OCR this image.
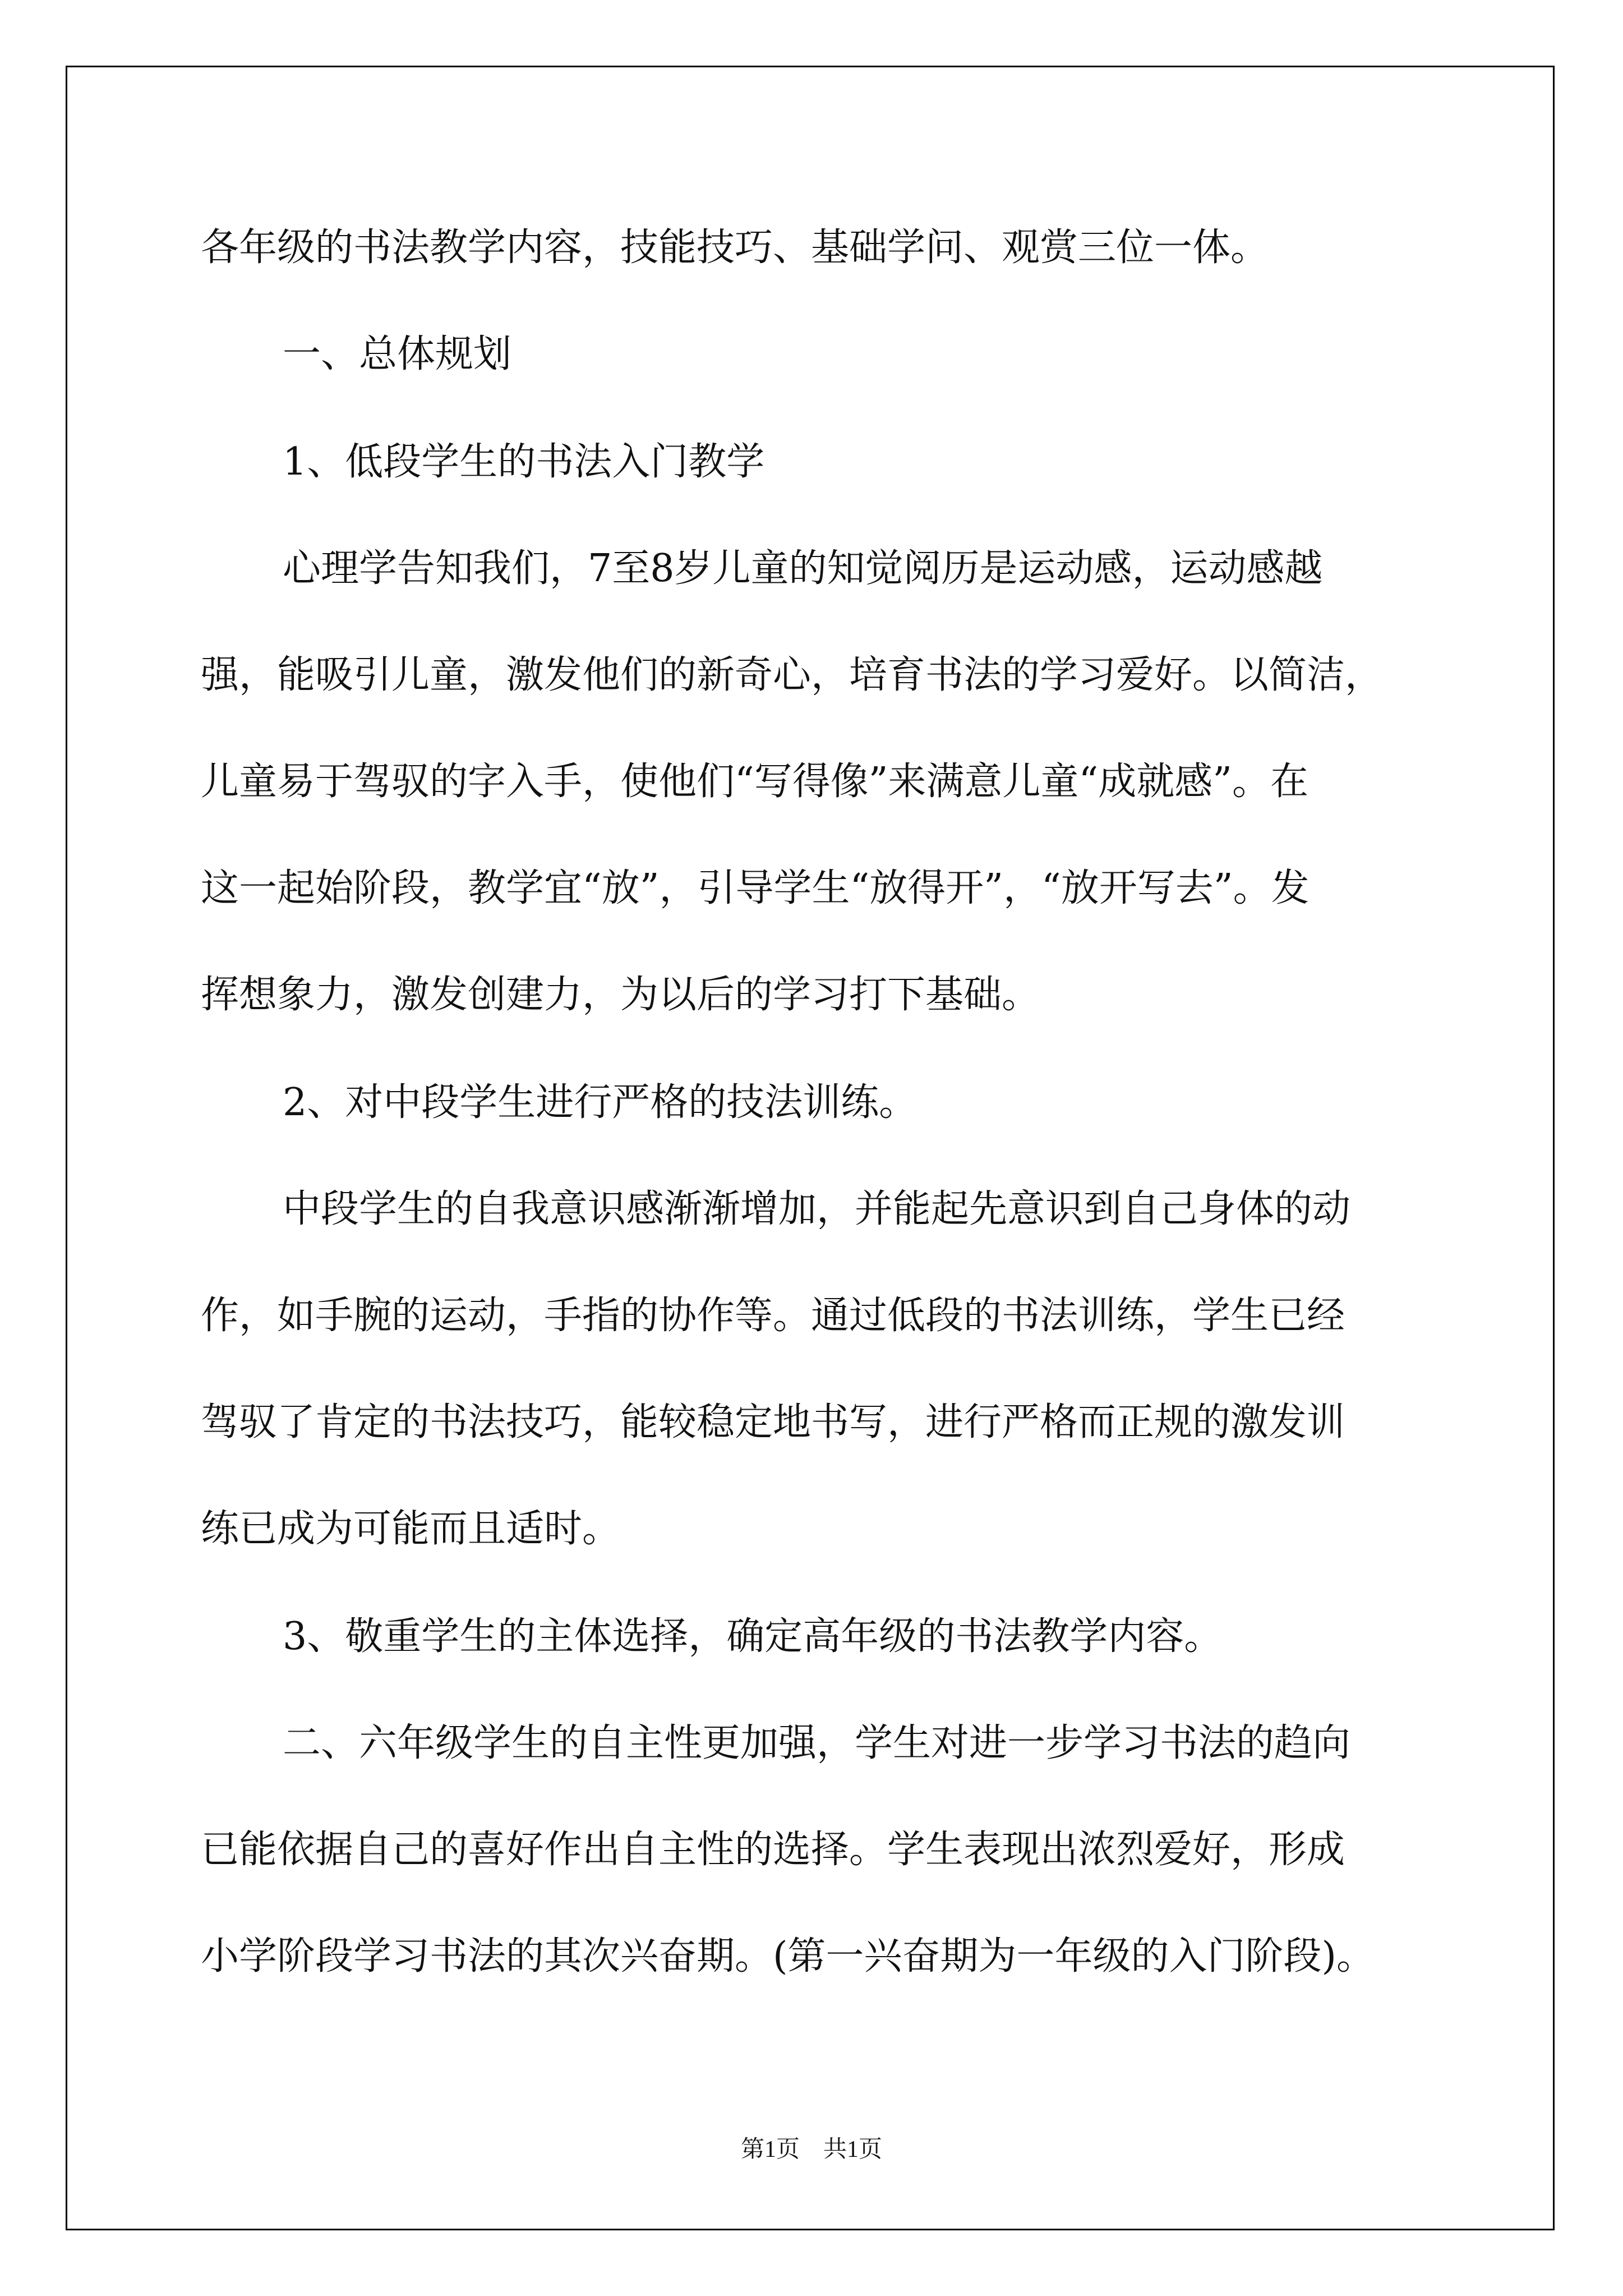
各年级的书法教学内容，技能技巧、基础学问、观赏三位一体。
一、总体规划
1、低段学生的书法入门教学
心理学告知我们，7至8岁儿童的知觉阅历是运动感，运动感越
强，能吸引儿童，激发他们的新奇心，培育书法的学习爱好。以简洁，
儿童易于驾驭的字入手，使他们“写得像”来满意儿童“成就感”。在
这一起始阶段，教学宜“放”，引导学生“放得开”，“放开写去”。发
挥想象力，激发创建力，为以后的学习打下基础。
2、对中段学生进行严格的技法训练。
中段学生的自我意识感渐渐增加，并能起先意识到自己身体的动
作，如手腕的运动，手指的协作等。通过低段的书法训练，学生已经
驾驭了肯定的书法技巧，能较稳定地书写，进行严格而正规的激发训
练已成为可能而且适时。
3、敬重学生的主体选择，确定高年级的书法教学内容。
二、六年级学生的自主性更加强，学生对进一步学习书法的趋向
已能依据自己的喜好作出自主性的选择。学生表现出浓烈爱好，形成
小学阶段学习书法的其次兴奋期。(第一兴奋期为一年级的入门阶段)。
第1页　共1页
